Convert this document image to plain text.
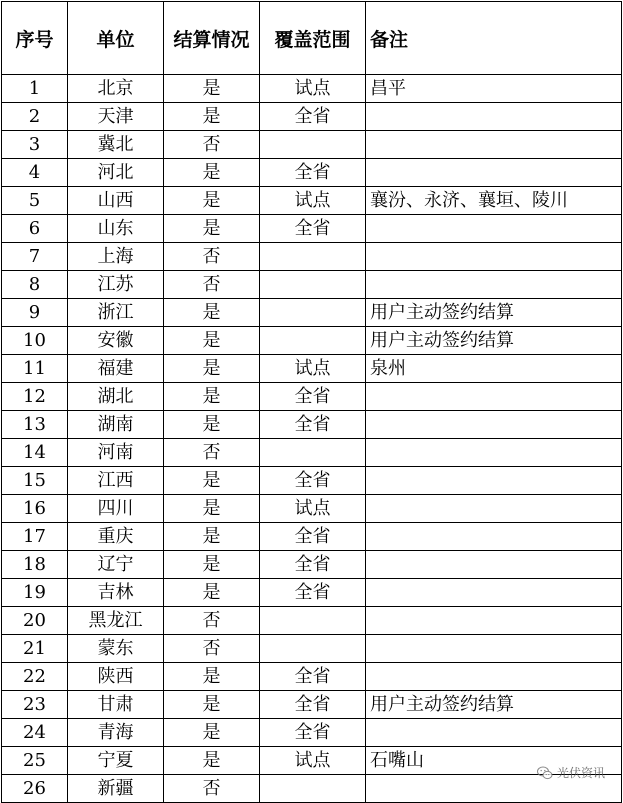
序号	单位	结算情况	覆盖范围	备注
1	北京	是	试点	昌平
2	天津	是	全省	
3	冀北	否		
4	河北	是	全省	
5	山西	是	试点	襄汾、永济、襄垣、陵川
6	山东	是	全省	
7	上海	否		
8	江苏	否		
9	浙江	是		用户主动签约结算
10	安徽	是		用户主动签约结算
11	福建	是	试点	泉州
12	湖北	是	全省	
13	湖南	是	全省	
14	河南	否		
15	江西	是	全省	
16	四川	是	试点	
17	重庆	是	全省	
18	辽宁	是	全省	
19	吉林	是	全省	
20	黑龙江	否		
21	蒙东	否		
22	陕西	是	全省	
23	甘肃	是	全省	用户主动签约结算
24	青海	是	全省	
25	宁夏	是	试点	石嘴山
26	新疆	否		
光伏资讯
